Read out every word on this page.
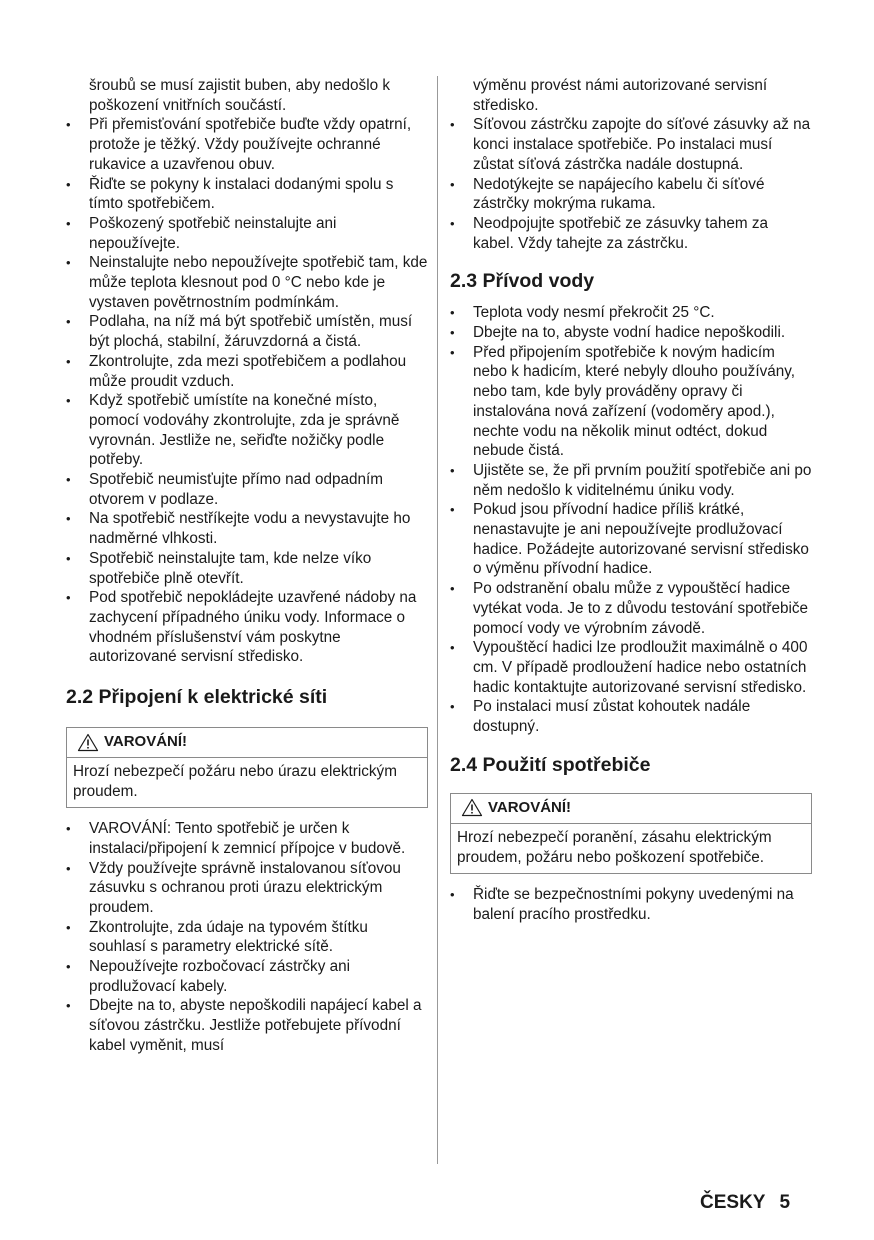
šroubů se musí zajistit buben, aby nedošlo k poškození vnitřních součástí.
• Při přemisťování spotřebiče buďte vždy opatrní, protože je těžký. Vždy používejte ochranné rukavice a uzavřenou obuv.
• Řiďte se pokyny k instalaci dodanými spolu s tímto spotřebičem.
• Poškozený spotřebič neinstalujte ani nepoužívejte.
• Neinstalujte nebo nepoužívejte spotřebič tam, kde může teplota klesnout pod 0 °C nebo kde je vystaven povětrnostním podmínkám.
• Podlaha, na níž má být spotřebič umístěn, musí být plochá, stabilní, žáruvzdorná a čistá.
• Zkontrolujte, zda mezi spotřebičem a podlahou může proudit vzduch.
• Když spotřebič umístíte na konečné místo, pomocí vodováhy zkontrolujte, zda je správně vyrovnán. Jestliže ne, seřiďte nožičky podle potřeby.
• Spotřebič neumisťujte přímo nad odpadním otvorem v podlaze.
• Na spotřebič nestříkejte vodu a nevystavujte ho nadměrné vlhkosti.
• Spotřebič neinstalujte tam, kde nelze víko spotřebiče plně otevřít.
• Pod spotřebič nepokládejte uzavřené nádoby na zachycení případného úniku vody. Informace o vhodném příslušenství vám poskytne autorizované servisní středisko.
2.2 Připojení k elektrické síti
VAROVÁNÍ!
Hrozí nebezpečí požáru nebo úrazu elektrickým proudem.
• VAROVÁNÍ: Tento spotřebič je určen k instalaci/připojení k zemnicí přípojce v budově.
• Vždy používejte správně instalovanou síťovou zásuvku s ochranou proti úrazu elektrickým proudem.
• Zkontrolujte, zda údaje na typovém štítku souhlasí s parametry elektrické sítě.
• Nepoužívejte rozbočovací zástrčky ani prodlužovací kabely.
• Dbejte na to, abyste nepoškodili napájecí kabel a síťovou zástrčku. Jestliže potřebujete přívodní kabel vyměnit, musí
výměnu provést námi autorizované servisní středisko.
• Síťovou zástrčku zapojte do síťové zásuvky až na konci instalace spotřebiče. Po instalaci musí zůstat síťová zástrčka nadále dostupná.
• Nedotýkejte se napájecího kabelu či síťové zástrčky mokrýma rukama.
• Neodpojujte spotřebič ze zásuvky tahem za kabel. Vždy tahejte za zástrčku.
2.3 Přívod vody
• Teplota vody nesmí překročit 25 °C.
• Dbejte na to, abyste vodní hadice nepoškodili.
• Před připojením spotřebiče k novým hadicím nebo k hadicím, které nebyly dlouho používány, nebo tam, kde byly prováděny opravy či instalována nová zařízení (vodoměry apod.), nechte vodu na několik minut odtéct, dokud nebude čistá.
• Ujistěte se, že při prvním použití spotřebiče ani po něm nedošlo k viditelnému úniku vody.
• Pokud jsou přívodní hadice příliš krátké, nenastavujte je ani nepoužívejte prodlužovací hadice. Požádejte autorizované servisní středisko o výměnu přívodní hadice.
• Po odstranění obalu může z vypouštěcí hadice vytékat voda. Je to z důvodu testování spotřebiče pomocí vody ve výrobním závodě.
• Vypouštěcí hadici lze prodloužit maximálně o 400 cm. V případě prodloužení hadice nebo ostatních hadic kontaktujte autorizované servisní středisko.
• Po instalaci musí zůstat kohoutek nadále dostupný.
2.4 Použití spotřebiče
VAROVÁNÍ!
Hrozí nebezpečí poranění, zásahu elektrickým proudem, požáru nebo poškození spotřebiče.
• Řiďte se bezpečnostními pokyny uvedenými na balení pracího prostředku.
ČESKY 5
